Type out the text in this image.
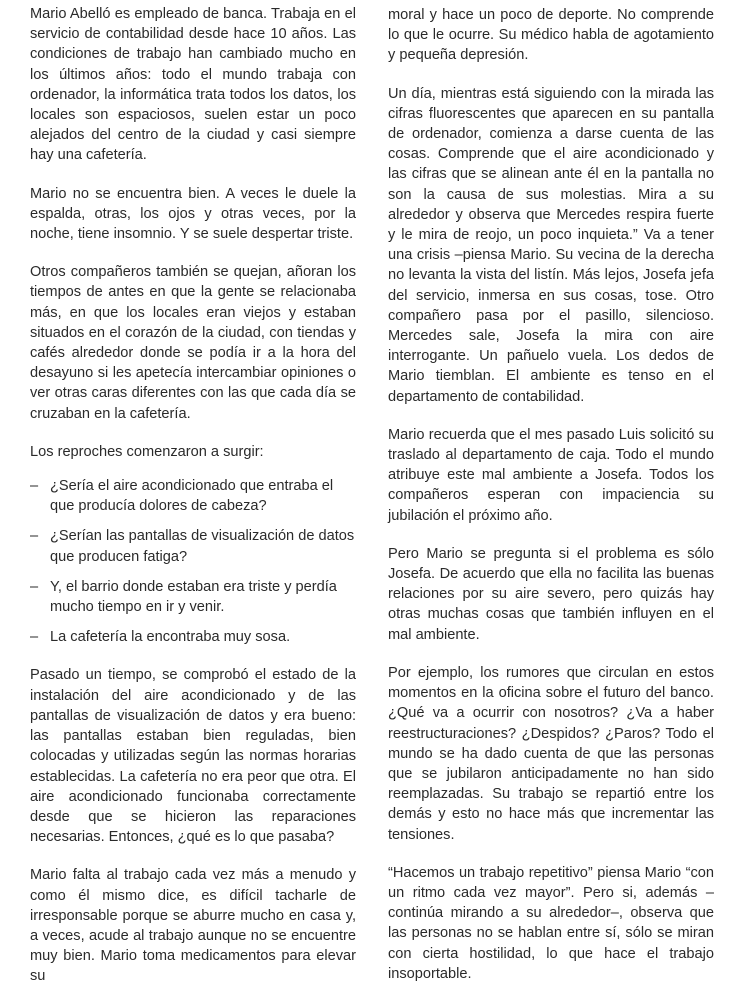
Mario Abelló es empleado de banca. Trabaja en el servicio de contabilidad desde hace 10 años. Las condiciones de trabajo han cambiado mucho en los últimos años: todo el mundo trabaja con ordenador, la informática trata todos los datos, los locales son espaciosos, suelen estar un poco alejados del centro de la ciudad y casi siempre hay una cafetería.

Mario no se encuentra bien. A veces le duele la espalda, otras, los ojos y otras veces, por la noche, tiene insomnio. Y se suele despertar triste.

Otros compañeros también se quejan, añoran los tiempos de antes en que la gente se relacionaba más, en que los locales eran viejos y estaban situados en el corazón de la ciudad, con tiendas y cafés alrededor donde se podía ir a la hora del desayuno si les apetecía intercambiar opiniones o ver otras caras diferentes con las que cada día se cruzaban en la cafetería.

Los reproches comenzaron a surgir:

– ¿Sería el aire acondicionado que entraba el que producía dolores de cabeza?
– ¿Serían las pantallas de visualización de datos que producen fatiga?
– Y, el barrio donde estaban era triste y perdía mucho tiempo en ir y venir.
– La cafetería la encontraba muy sosa.

Pasado un tiempo, se comprobó el estado de la instalación del aire acondicionado y de las pantallas de visualización de datos y era bueno: las pantallas estaban bien reguladas, bien colocadas y utilizadas según las normas horarias establecidas. La cafetería no era peor que otra. El aire acondicionado funcionaba correctamente desde que se hicieron las reparaciones necesarias. Entonces, ¿qué es lo que pasaba?

Mario falta al trabajo cada vez más a menudo y como él mismo dice, es difícil tacharle de irresponsable porque se aburre mucho en casa y, a veces, acude al trabajo aunque no se encuentre muy bien. Mario toma medicamentos para elevar su

moral y hace un poco de deporte. No comprende lo que le ocurre. Su médico habla de agotamiento y pequeña depresión.

Un día, mientras está siguiendo con la mirada las cifras fluorescentes que aparecen en su pantalla de ordenador, comienza a darse cuenta de las cosas. Comprende que el aire acondicionado y las cifras que se alinean ante él en la pantalla no son la causa de sus molestias. Mira a su alrededor y observa que Mercedes respira fuerte y le mira de reojo, un poco inquieta.” Va a tener una crisis –piensa Mario. Su vecina de la derecha no levanta la vista del listín. Más lejos, Josefa jefa del servicio, inmersa en sus cosas, tose. Otro compañero pasa por el pasillo, silencioso. Mercedes sale, Josefa la mira con aire interrogante. Un pañuelo vuela. Los dedos de Mario tiemblan. El ambiente es tenso en el departamento de contabilidad.

Mario recuerda que el mes pasado Luis solicitó su traslado al departamento de caja. Todo el mundo atribuye este mal ambiente a Josefa. Todos los compañeros esperan con impaciencia su jubilación el próximo año.

Pero Mario se pregunta si el problema es sólo Josefa. De acuerdo que ella no facilita las buenas relaciones por su aire severo, pero quizás hay otras muchas cosas que también influyen en el mal ambiente.

Por ejemplo, los rumores que circulan en estos momentos en la oficina sobre el futuro del banco. ¿Qué va a ocurrir con nosotros? ¿Va a haber reestructuraciones? ¿Despidos? ¿Paros? Todo el mundo se ha dado cuenta de que las personas que se jubilaron anticipadamente no han sido reemplazadas. Su trabajo se repartió entre los demás y esto no hace más que incrementar las tensiones.

“Hacemos un trabajo repetitivo” piensa Mario “con un ritmo cada vez mayor”. Pero si, además –continúa mirando a su alrededor–, observa que las personas no se hablan entre sí, sólo se miran con cierta hostilidad, lo que hace el trabajo insoportable.
